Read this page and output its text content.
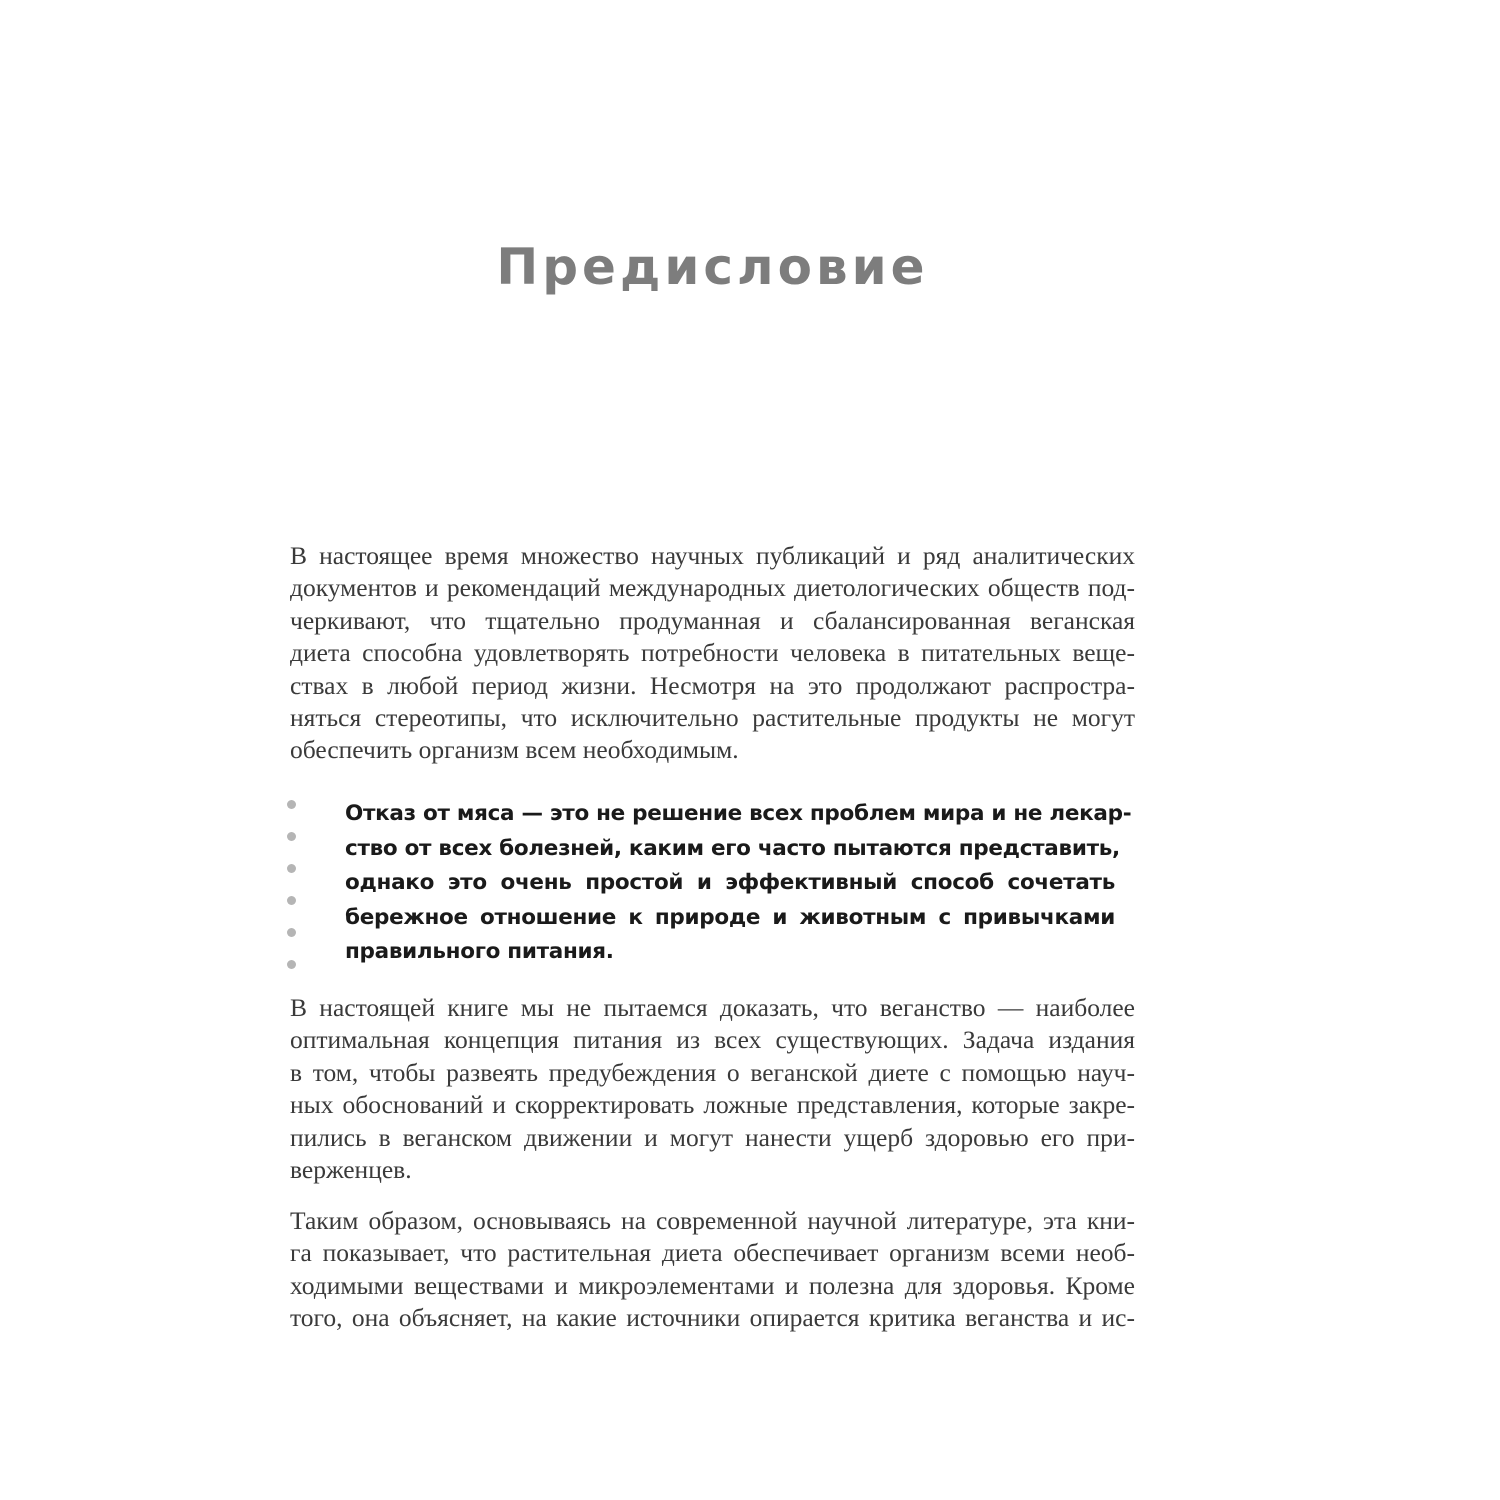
Предисловие
В настоящее время множество научных публикаций и ряд аналитических
документов и рекомендаций международных диетологических обществ под-
черкивают, что тщательно продуманная и сбалансированная веганская
диета способна удовлетворять потребности человека в питательных веще-
ствах в любой период жизни. Несмотря на это продолжают распростра-
няться стереотипы, что исключительно растительные продукты не могут
обеспечить организм всем необходимым.
Отказ от мяса — это не решение всех проблем мира и не лекар-
ство от всех болезней, каким его часто пытаются представить,
однако это очень простой и эффективный способ сочетать
бережное отношение к природе и животным с привычками
правильного питания.
В настоящей книге мы не пытаемся доказать, что веганство — наиболее
оптимальная концепция питания из всех существующих. Задача издания
в том, чтобы развеять предубеждения о веганской диете с помощью науч-
ных обоснований и скорректировать ложные представления, которые закре-
пились в веганском движении и могут нанести ущерб здоровью его при-
верженцев.
Таким образом, основываясь на современной научной литературе, эта кни-
га показывает, что растительная диета обеспечивает организм всеми необ-
ходимыми веществами и микроэлементами и полезна для здоровья. Кроме
того, она объясняет, на какие источники опирается критика веганства и ис-
